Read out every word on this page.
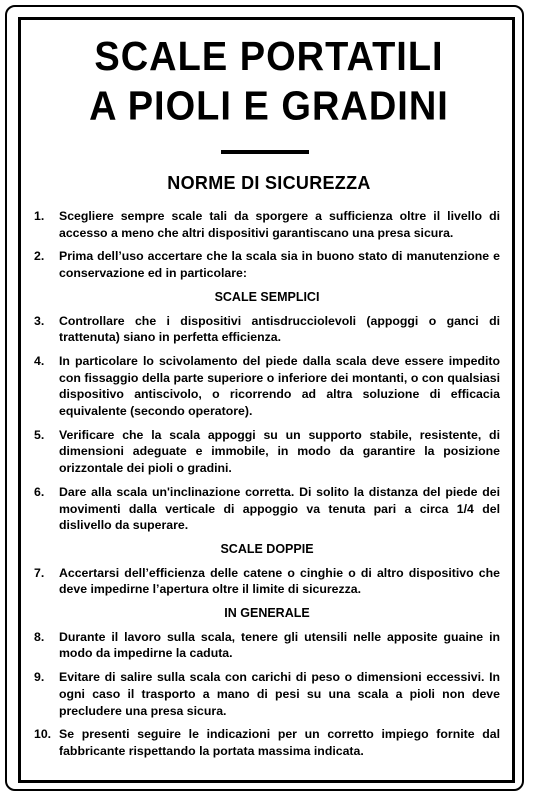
SCALE PORTATILI
A PIOLI E GRADINI
NORME DI SICUREZZA
1.	Scegliere sempre scale tali da sporgere a sufficienza oltre il livello di accesso a meno che altri dispositivi garantiscano una presa sicura.
2.	Prima dell’uso accertare che la scala sia in buono stato di manutenzione e conservazione ed in particolare:
SCALE SEMPLICI
3.	Controllare che i dispositivi antisdrucciolevoli (appoggi o ganci di trattenuta) siano in perfetta efficienza.
4.	In particolare lo scivolamento del piede dalla scala deve essere impedito con fissaggio della parte superiore o inferiore dei montanti, o con qualsiasi dispositivo antiscivolo, o ricorrendo ad altra soluzione di efficacia equivalente (secondo operatore).
5.	Verificare che la scala appoggi su un supporto stabile, resistente, di dimensioni adeguate e immobile, in modo da garantire la posizione orizzontale dei pioli o gradini.
6.	Dare alla scala un'inclinazione corretta. Di solito la distanza del piede dei movimenti dalla verticale di appoggio va tenuta pari a circa 1/4 del dislivello da superare.
SCALE DOPPIE
7.	Accertarsi dell’efficienza delle catene o cinghie o di altro dispositivo che deve impedirne l’apertura oltre il limite di sicurezza.
IN GENERALE
8.	Durante il lavoro sulla scala, tenere gli utensili nelle apposite guaine in modo da impedirne la caduta.
9.	Evitare di salire sulla scala con carichi di peso o dimensioni eccessivi. In ogni caso il trasporto a mano di pesi su una scala a pioli non deve precludere una presa sicura.
10. Se presenti seguire le indicazioni per un corretto impiego fornite dal fabbricante rispettando la portata massima indicata.
